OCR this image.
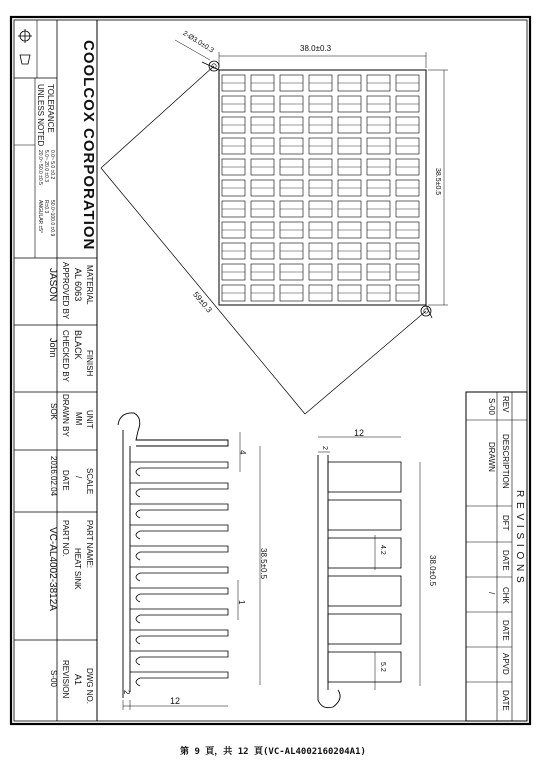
COOLCOX CORPORATION
TOLERANCE
UNLESS NOTED
0.0~ 5.0 ±0.2
5.0~ 20.0 ±0.3
20.0~ 50.0 ±0.5
50.0~100.0 ±0.9
R±0.3
ANGULAR ±5°
MATERIAL
AL 6063
APPROVED BY
JASON
FINISH
BLACK
CHECKED BY
John
UNIT
MM
DRAWN BY
SOK
SCALE
/
DATE
2016.02.04
PART NAME:
HEAT SINK
PART NO.
VC-AL4002-3812A
DWG NO.
A1
REVISION
S-00
R E V I S I O N S
REV
DESCRIPTION
DFT
DATE
CHK
DATE
APVD
DATE
S-00
DRAWN
/
2-Ø3.0±0.3	38.0±0.3
38.5±0.5
59±0.3
4
38.5±0.5
1
2
12
12
2
4.2
38.0±0.5
5.2
第 9 頁，共 12 頁(VC-AL4002160204A1)
